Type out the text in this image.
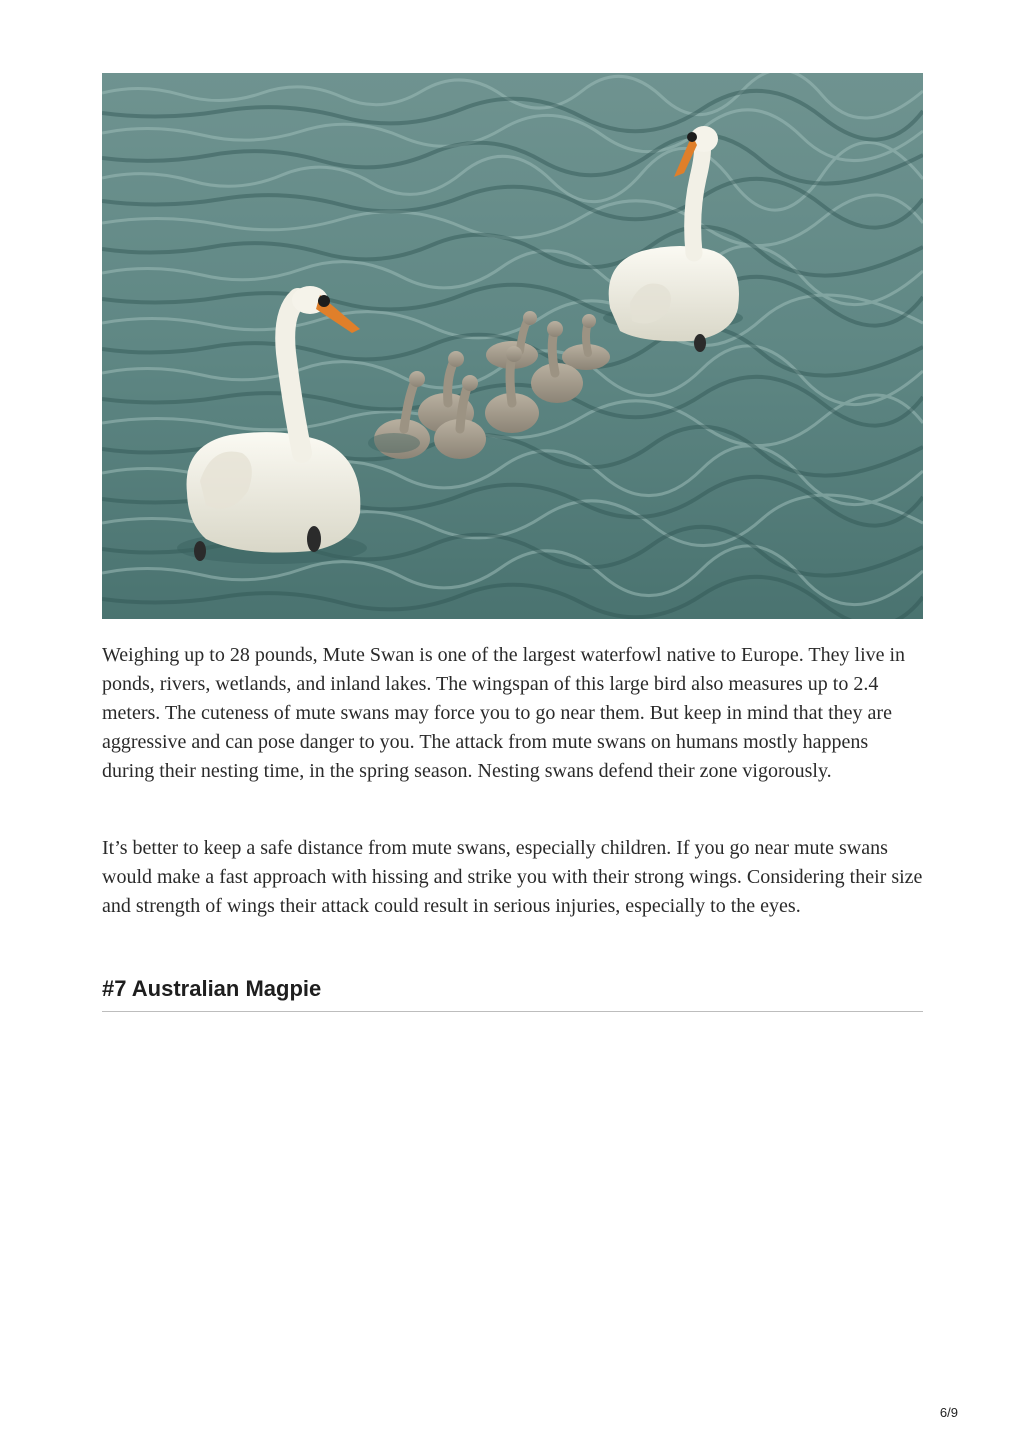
Weighing up to 28 pounds, Mute Swan is one of the largest waterfowl native to Europe. They live in ponds, rivers, wetlands, and inland lakes. The wingspan of this large bird also measures up to 2.4 meters. The cuteness of mute swans may force you to go near them. But keep in mind that they are aggressive and can pose danger to you. The attack from mute swans on humans mostly happens during their nesting time, in the spring season. Nesting swans defend their zone vigorously.

It’s better to keep a safe distance from mute swans, especially children. If you go near mute swans would make a fast approach with hissing and strike you with their strong wings. Considering their size and strength of wings their attack could result in serious injuries, especially to the eyes.

#7 Australian Magpie
6/9
